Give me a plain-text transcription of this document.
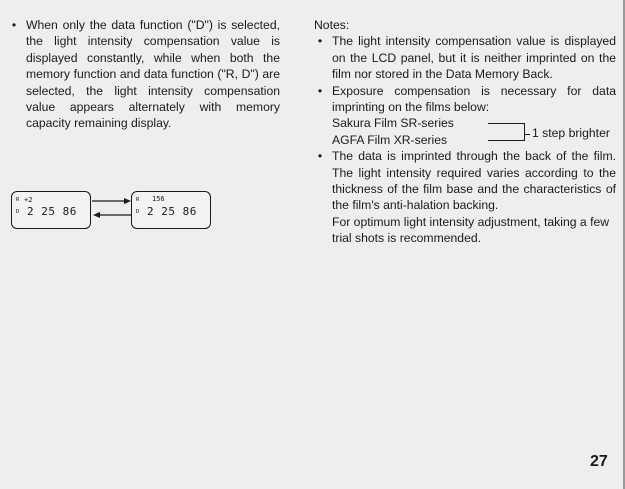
• When only the data function ("D") is selected, the light intensity compensation value is displayed constantly, while when both the memory function and data function ("R, D") are selected, the light intensity compensation value appears alternately with memory capacity remaining display.
R
D
+2
2 25 86
R
D
156
2 25 86
Notes:
• The light intensity compensation value is displayed on the LCD panel, but it is neither imprinted on the film nor stored in the Data Memory Back.
• Exposure compensation is necessary for data imprinting on the films below:
Sakura Film SR-series
AGFA Film XR-series	1 step brighter
• The data is imprinted through the back of the film. The light intensity required varies according to the thickness of the film base and the characteristics of the film's anti-halation backing.
For optimum light intensity adjustment, taking a few trial shots is recommended.
27
